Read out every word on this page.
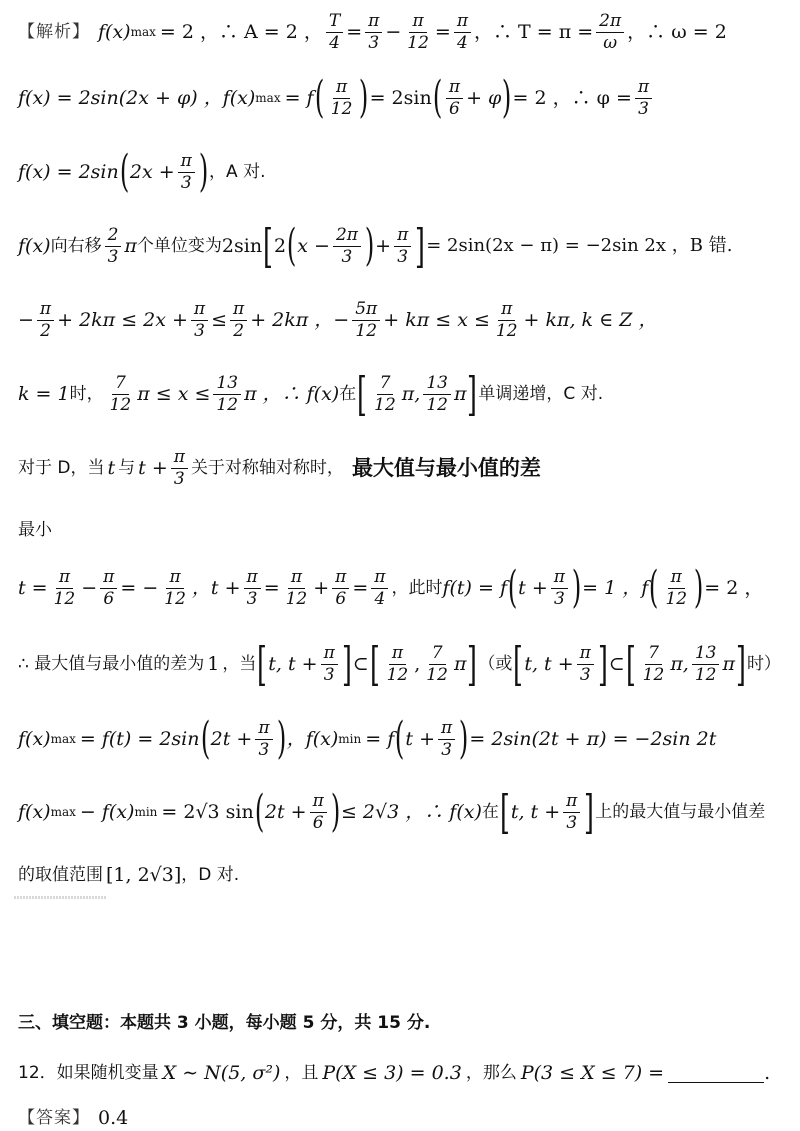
【解析】 f(x) max = 2 ，∴ A = 2 ， $\frac{T}{4} = \frac{\pi}{3} - \frac{\pi}{12} = \frac{\pi}{4}$ ，∴ $T = \pi = \frac{2\pi}{\omega}$ ，∴ ω = 2
f(x) = 2sin(2x + φ) ，f(x) max = f ( $\frac{\pi}{12}$ ) = 2sin ( $\frac{\pi}{6} + \varphi$ ) = 2 ，∴ $\varphi = \frac{\pi}{3}$
f(x) = 2sin ( $2x + \frac{\pi}{3}$ ) ，A 对.
f(x) 向右移 $\frac{2}{3}$ π 个单位变为 2sin [ 2 ( $x - \frac{2\pi}{3}$ ) + $\frac{\pi}{3}$ ] = 2sin(2x − π) = −2sin 2x ，B 错.
− $\frac{\pi}{2} + 2k\pi \le 2x + \frac{\pi}{3} \le \frac{\pi}{2} + 2k\pi$ ，− $\frac{5\pi}{12} + k\pi \le x \le \frac{\pi}{12} + k\pi$, k ∈ Z ，
k = 1 时， $\frac{7}{12}$ $\pi \le x \le \frac{13}{12}$ π ，∴ f(x) 在 [ $\frac{7}{12} \pi$, $\frac{13}{12}$ π ] 单调递增，C 对.
对于 D，当 t 与 $t + \frac{\pi}{3}$ 关于对称轴对称时， 最大值与最小值的差
最小
$t = \frac{\pi}{12} - \frac{\pi}{6}$ = − $\frac{\pi}{12}$ ，$t + \frac{\pi}{3} = \frac{\pi}{12} + \frac{\pi}{6} = \frac{\pi}{4}$ ，此时 f(t) = f ( $t + \frac{\pi}{3}$ ) = 1 ，f ( $\frac{\pi}{12}$ ) = 2 ，
∴ 最大值与最小值的差为 1 ，当 [ t, $t + \frac{\pi}{3}$ ] ⊂ [ $\frac{\pi}{12}$ , $\frac{7}{12}$ π ] （或 [ t, $t + \frac{\pi}{3}$ ] ⊂ [ $\frac{7}{12} \pi$, $\frac{13}{12}$ π ] 时）
f(x) max = f(t) = 2sin ( $2t + \frac{\pi}{3}$ ) ，f(x) min = f ( $t + \frac{\pi}{3}$ ) = 2sin(2t + π) = −2sin 2t
f(x) max − f(x) min = 2√3 sin ( $2t + \frac{\pi}{6}$ ) ≤ 2√3 ，∴ f(x) 在 [ t, $t + \frac{\pi}{3}$ ] 上的最大值与最小值差
的取值范围 [1, 2√3] ，D 对.
三、填空题：本题共 3 小题，每小题 5 分，共 15 分.
12．如果随机变量 X ∼ N(5, σ²) ，且 P(X ≤ 3) = 0.3 ，那么 P(3 ≤ X ≤ 7) =	.
【答案】 0.4
